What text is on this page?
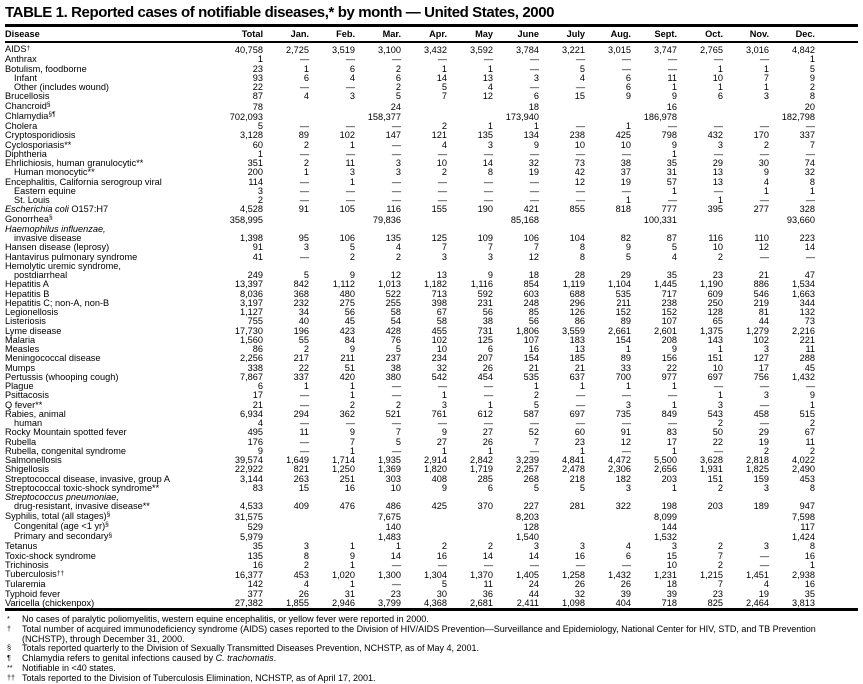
TABLE 1. Reported cases of notifiable diseases,* by month — United States, 2000
Disease	Total	Jan.	Feb.	Mar.	Apr.	May	June	July	Aug.	Sept.	Oct.	Nov.	Dec.	
AIDS†	40,758	2,725	3,519	3,100	3,432	3,592	3,784	3,221	3,015	3,747	2,765	3,016	4,842	
Anthrax	1	—	—	—	—	—	—	—	—	—	—	—	1	
Botulism, foodborne	23	1	6	2	1	1	—	5	—	—	1	1	5	
Infant	93	6	4	6	14	13	3	4	6	11	10	7	9	
Other (includes wound)	22	—	—	2	5	4	—	—	6	1	1	1	2	
Brucellosis	87	4	3	5	7	12	6	15	9	9	6	3	8	
Chancroid§	78			24			18			16			20	
Chlamydia§¶	702,093			158,377			173,940			186,978			182,798	
Cholera	5	—	—	—	2	1	1	—	1	—	—	—	—	
Cryptosporidiosis	3,128	89	102	147	121	135	134	238	425	798	432	170	337	
Cyclosporiasis**	60	2	1	—	4	3	9	10	10	9	3	2	7	
Diphtheria	1	—	—	—	—	—	—	—	—	1	—	—	—	
Ehrlichiosis, human granulocytic**	351	2	11	3	10	14	32	73	38	35	29	30	74	
Human monocytic**	200	1	3	3	2	8	19	42	37	31	13	9	32	
Encephalitis, California serogroup viral	114	—	1	—	—	—	—	12	19	57	13	4	8	
Eastern equine	3	—	—	—	—	—	—	—	—	1	—	1	1	
St. Louis	2	—	—	—	—	—	—	—	1	—	1	—	—	
Escherichia coli O157:H7	4,528	91	105	116	155	190	421	855	818	777	395	277	328	
Gonorrhea§	358,995			79,836			85,168			100,331			93,660	
Haemophilus influenzae,														
invasive disease	1,398	95	106	135	125	109	106	104	82	87	116	110	223	
Hansen disease (leprosy)	91	3	5	4	7	7	7	8	9	5	10	12	14	
Hantavirus pulmonary syndrome	41	—	2	2	3	3	12	8	5	4	2	—	—	
Hemolytic uremic syndrome,														
postdiarrheal	249	5	9	12	13	9	18	28	29	35	23	21	47	
Hepatitis A	13,397	842	1,112	1,013	1,182	1,116	854	1,119	1,104	1,445	1,190	886	1,534	
Hepatitis B	8,036	368	480	522	713	592	603	688	535	717	609	546	1,663	
Hepatitis C; non-A, non-B	3,197	232	275	255	398	231	248	296	211	238	250	219	344	
Legionellosis	1,127	34	56	58	67	56	85	126	152	152	128	81	132	
Listeriosis	755	40	45	54	58	38	56	86	89	107	65	44	73	
Lyme disease	17,730	196	423	428	455	731	1,806	3,559	2,661	2,601	1,375	1,279	2,216	
Malaria	1,560	55	84	76	102	125	107	183	154	208	143	102	221	
Measles	86	2	9	5	10	6	16	13	1	9	1	3	11	
Meningococcal disease	2,256	217	211	237	234	207	154	185	89	156	151	127	288	
Mumps	338	22	51	38	32	26	21	21	33	22	10	17	45	
Pertussis (whooping cough)	7,867	337	420	380	542	454	535	637	700	977	697	756	1,432	
Plague	6	1	1	—	—	—	1	1	1	1	—	—	—	
Psittacosis	17	—	1	—	1	—	2	—	—	—	1	3	9	
Q fever**	21	—	2	2	3	1	5	—	3	1	3	—	1	
Rabies, animal	6,934	294	362	521	761	612	587	697	735	849	543	458	515	
human	4	—	—	—	—	—	—	—	—	—	2	—	2	
Rocky Mountain spotted fever	495	11	9	7	9	27	52	60	91	83	50	29	67	
Rubella	176	—	7	5	27	26	7	23	12	17	22	19	11	
Rubella, congenital syndrome	9	—	1	—	1	1	—	1	—	1	—	2	2	
Salmonellosis	39,574	1,649	1,714	1,935	2,914	2,842	3,239	4,841	4,472	5,500	3,628	2,818	4,022	
Shigellosis	22,922	821	1,250	1,369	1,820	1,719	2,257	2,478	2,306	2,656	1,931	1,825	2,490	
Streptococcal disease, invasive, group A	3,144	263	251	303	408	285	268	218	182	203	151	159	453	
Streptococcal toxic-shock syndrome**	83	15	16	10	9	6	5	5	3	1	2	3	8	
Streptococcus pneumoniae,														
drug-resistant, invasive disease**	4,533	409	476	486	425	370	227	281	322	198	203	189	947	
Syphilis, total (all stages)§	31,575			7,675			8,203			8,099			7,598	
Congenital (age <1 yr)§	529			140			128			144			117	
Primary and secondary§	5,979			1,483			1,540			1,532			1,424	
Tetanus	35	3	1	1	2	2	3	3	4	3	2	3	8	
Toxic-shock syndrome	135	8	9	14	16	14	14	16	6	15	7	—	16	
Trichinosis	16	2	1	—	—	—	—	—	—	10	2	—	1	
Tuberculosis††	16,377	453	1,020	1,300	1,304	1,370	1,405	1,258	1,432	1,231	1,215	1,451	2,938	
Tularemia	142	4	1	—	5	11	24	26	26	18	7	4	16	
Typhoid fever	377	26	31	23	30	36	44	32	39	39	23	19	35	
Varicella (chickenpox)	27,382	1,855	2,946	3,799	4,368	2,681	2,411	1,098	404	718	825	2,464	3,813	
*	No cases of paralytic poliomyelitis, western equine encephalitis, or yellow fever were reported in 2000.
†	Total number of acquired immunodeficiency syndrome (AIDS) cases reported to the Division of HIV/AIDS Prevention—Surveillance and Epidemiology, National Center for HIV, STD, and TB Prevention (NCHSTP), through December 31, 2000.
§	Totals reported quarterly to the Division of Sexually Transmitted Diseases Prevention, NCHSTP, as of May 4, 2001.
¶	Chlamydia refers to genital infections caused by C. trachomatis.
**	Notifiable in <40 states.
†† Totals reported to the Division of Tuberculosis Elimination, NCHSTP, as of April 17, 2001.
